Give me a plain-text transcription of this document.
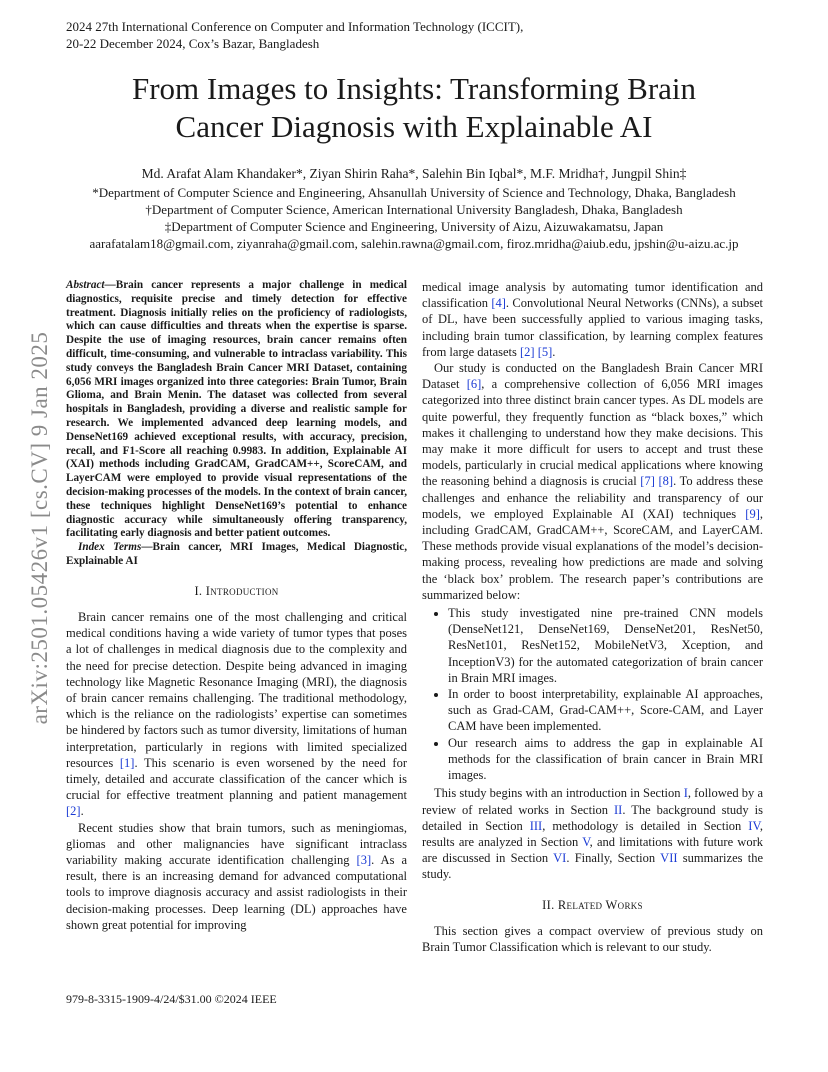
2024 27th International Conference on Computer and Information Technology (ICCIT),
20-22 December 2024, Cox’s Bazar, Bangladesh
From Images to Insights: Transforming Brain
Cancer Diagnosis with Explainable AI
Md. Arafat Alam Khandaker*, Ziyan Shirin Raha*, Salehin Bin Iqbal*, M.F. Mridha†, Jungpil Shin‡
*Department of Computer Science and Engineering, Ahsanullah University of Science and Technology, Dhaka, Bangladesh
†Department of Computer Science, American International University Bangladesh, Dhaka, Bangladesh
‡Department of Computer Science and Engineering, University of Aizu, Aizuwakamatsu, Japan
aarafatalam18@gmail.com, ziyanraha@gmail.com, salehin.rawna@gmail.com, firoz.mridha@aiub.edu, jpshin@u-aizu.ac.jp
arXiv:2501.05426v1 [cs.CV] 9 Jan 2025

Abstract—Brain cancer represents a major challenge in medical diagnostics, requisite precise and timely detection for effective treatment. Diagnosis initially relies on the proficiency of radiologists, which can cause difficulties and threats when the expertise is sparse. Despite the use of imaging resources, brain cancer remains often difficult, time-consuming, and vulnerable to intraclass variability. This study conveys the Bangladesh Brain Cancer MRI Dataset, containing 6,056 MRI images organized into three categories: Brain Tumor, Brain Glioma, and Brain Menin. The dataset was collected from several hospitals in Bangladesh, providing a diverse and realistic sample for research. We implemented advanced deep learning models, and DenseNet169 achieved exceptional results, with accuracy, precision, recall, and F1-Score all reaching 0.9983. In addition, Explainable AI (XAI) methods including GradCAM, GradCAM++, ScoreCAM, and LayerCAM were employed to provide visual representations of the decision-making processes of the models. In the context of brain cancer, these techniques highlight DenseNet169’s potential to enhance diagnostic accuracy while simultaneously offering transparency, facilitating early diagnosis and better patient outcomes.

Index Terms—Brain cancer, MRI Images, Medical Diagnostic, Explainable AI

I. Introduction

Brain cancer remains one of the most challenging and critical medical conditions having a wide variety of tumor types that poses a lot of challenges in medical diagnosis due to the complexity and the need for precise detection. Despite being advanced in imaging technology like Magnetic Resonance Imaging (MRI), the diagnosis of brain cancer remains challenging. The traditional methodology, which is the reliance on the radiologists’ expertise can sometimes be hindered by factors such as tumor diversity, limitations of human interpretation, particularly in regions with limited specialized resources [1]. This scenario is even worsened by the need for timely, detailed and accurate classification of the cancer which is crucial for effective treatment planning and patient management [2].

Recent studies show that brain tumors, such as meningiomas, gliomas and other malignancies have significant intraclass variability making accurate identification challenging [3]. As a result, there is an increasing demand for advanced computational tools to improve diagnosis accuracy and assist radiologists in their decision-making processes. Deep learning (DL) approaches have shown great potential for improving

medical image analysis by automating tumor identification and classification [4]. Convolutional Neural Networks (CNNs), a subset of DL, have been successfully applied to various imaging tasks, including brain tumor classification, by learning complex features from large datasets [2] [5].

Our study is conducted on the Bangladesh Brain Cancer MRI Dataset [6], a comprehensive collection of 6,056 MRI images categorized into three distinct brain cancer types. As DL models are quite powerful, they frequently function as “black boxes,” which makes it challenging to understand how they make decisions. This may make it more difficult for users to accept and trust these models, particularly in crucial medical applications where knowing the reasoning behind a diagnosis is crucial [7] [8]. To address these challenges and enhance the reliability and transparency of our models, we employed Explainable AI (XAI) techniques [9], including GradCAM, GradCAM++, ScoreCAM, and LayerCAM. These methods provide visual explanations of the model’s decision-making process, revealing how predictions are made and solving the ‘black box’ problem. The research paper’s contributions are summarized below:

• This study investigated nine pre-trained CNN models (DenseNet121, DenseNet169, DenseNet201, ResNet50, ResNet101, ResNet152, MobileNetV3, Xception, and InceptionV3) for the automated categorization of brain cancer in Brain MRI images.
• In order to boost interpretability, explainable AI approaches, such as Grad-CAM, Grad-CAM++, Score-CAM, and Layer CAM have been implemented.
• Our research aims to address the gap in explainable AI methods for the classification of brain cancer in Brain MRI images.

This study begins with an introduction in Section I, followed by a review of related works in Section II. The background study is detailed in Section III, methodology is detailed in Section IV, results are analyzed in Section V, and limitations with future work are discussed in Section VI. Finally, Section VII summarizes the study.

II. Related Works

This section gives a compact overview of previous study on Brain Tumor Classification which is relevant to our study.

979-8-3315-1909-4/24/$31.00 ©2024 IEEE
